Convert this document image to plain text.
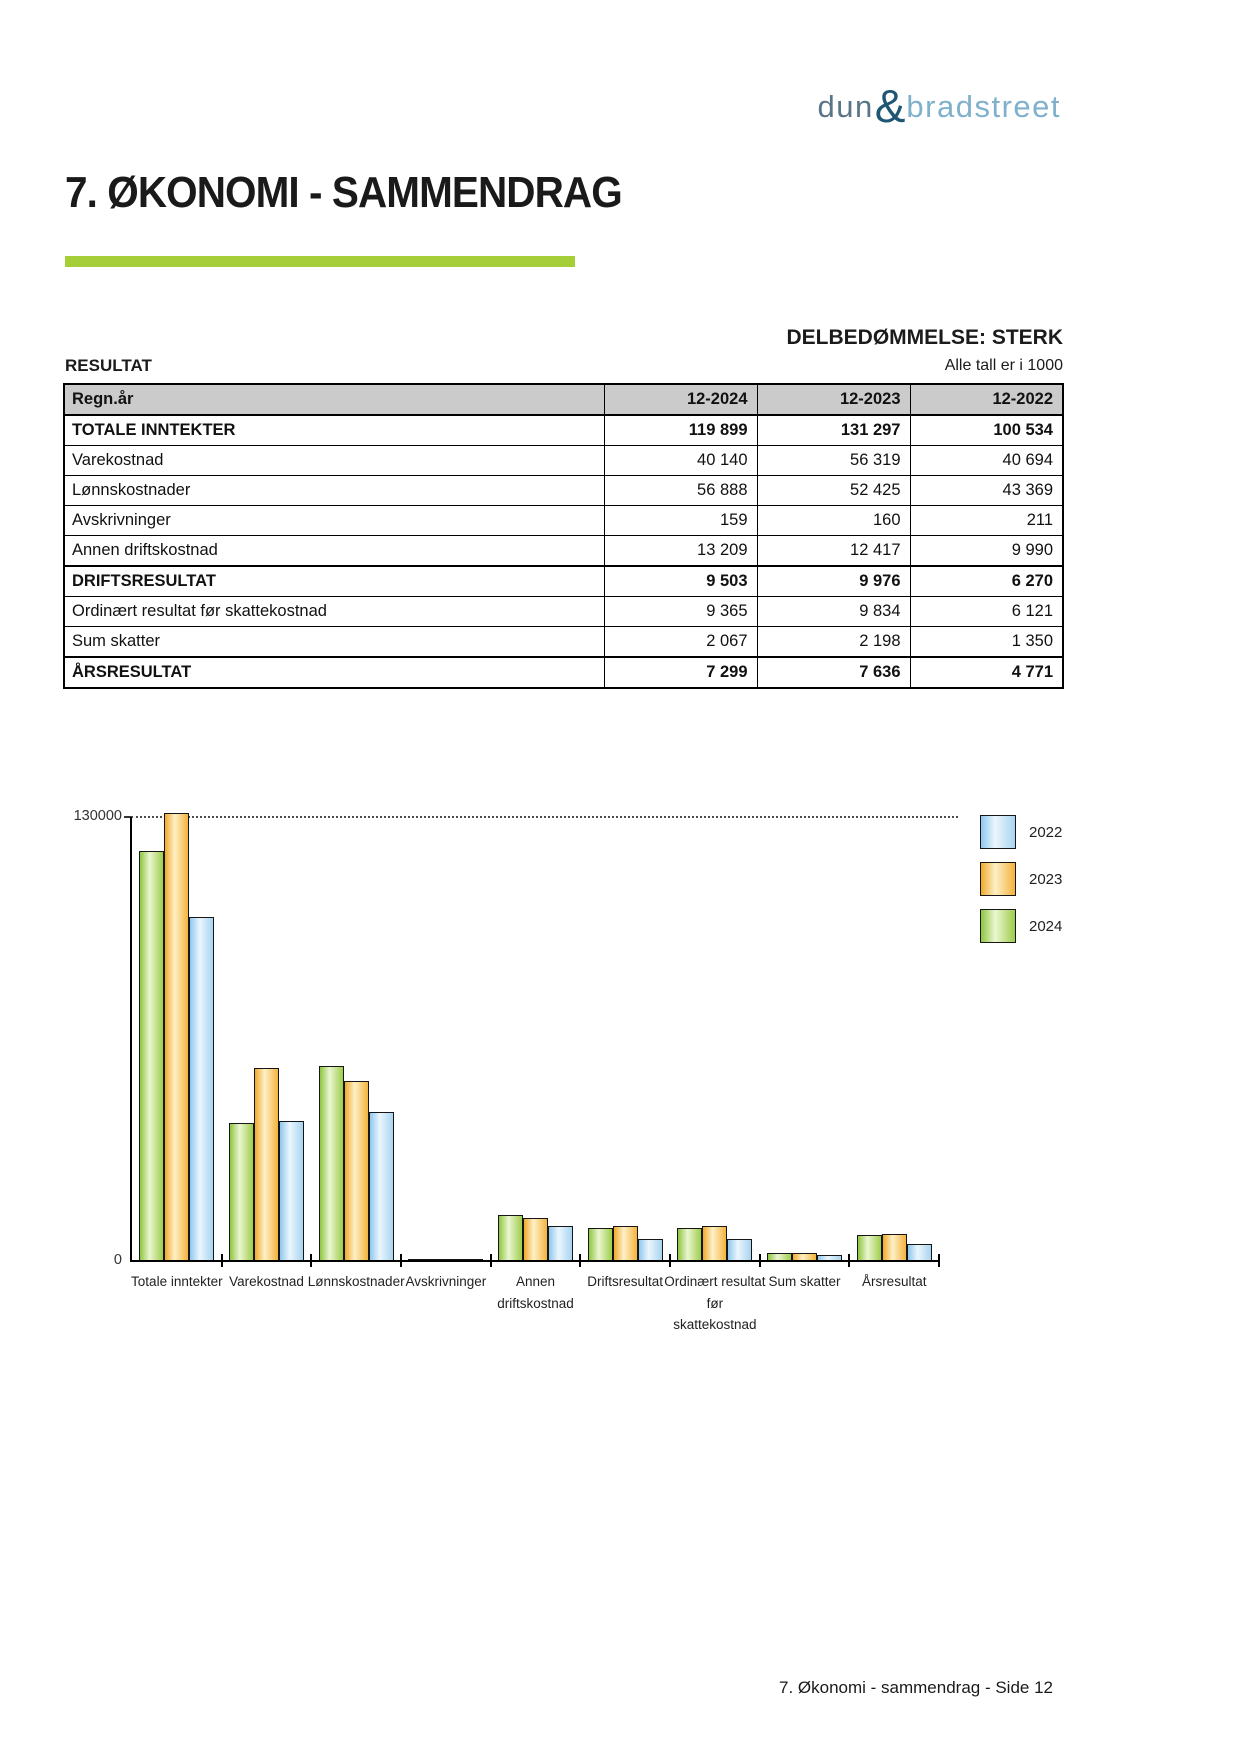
dun&bradstreet
7. ØKONOMI - SAMMENDRAG
DELBEDØMMELSE: STERK
RESULTAT	Alle tall er i 1000
Regn.år	12-2024	12-2023	12-2022
TOTALE INNTEKTER	119 899	131 297	100 534
Varekostnad	40 140	56 319	40 694
Lønnskostnader	56 888	52 425	43 369
Avskrivninger	159	160	211
Annen driftskostnad	13 209	12 417	9 990
DRIFTSRESULTAT	9 503	9 976	6 270
Ordinært resultat før skattekostnad	9 365	9 834	6 121
Sum skatter	2 067	2 198	1 350
ÅRSRESULTAT	7 299	7 636	4 771
130000
0
Totale inntekter Varekostnad Lønnskostnader Avskrivninger	Annen driftskostnad
Driftsresultat Ordinært resultat før skattekostnad
Sum skatter	Årsresultat
2022
2023
2024
7. Økonomi - sammendrag - Side 12
